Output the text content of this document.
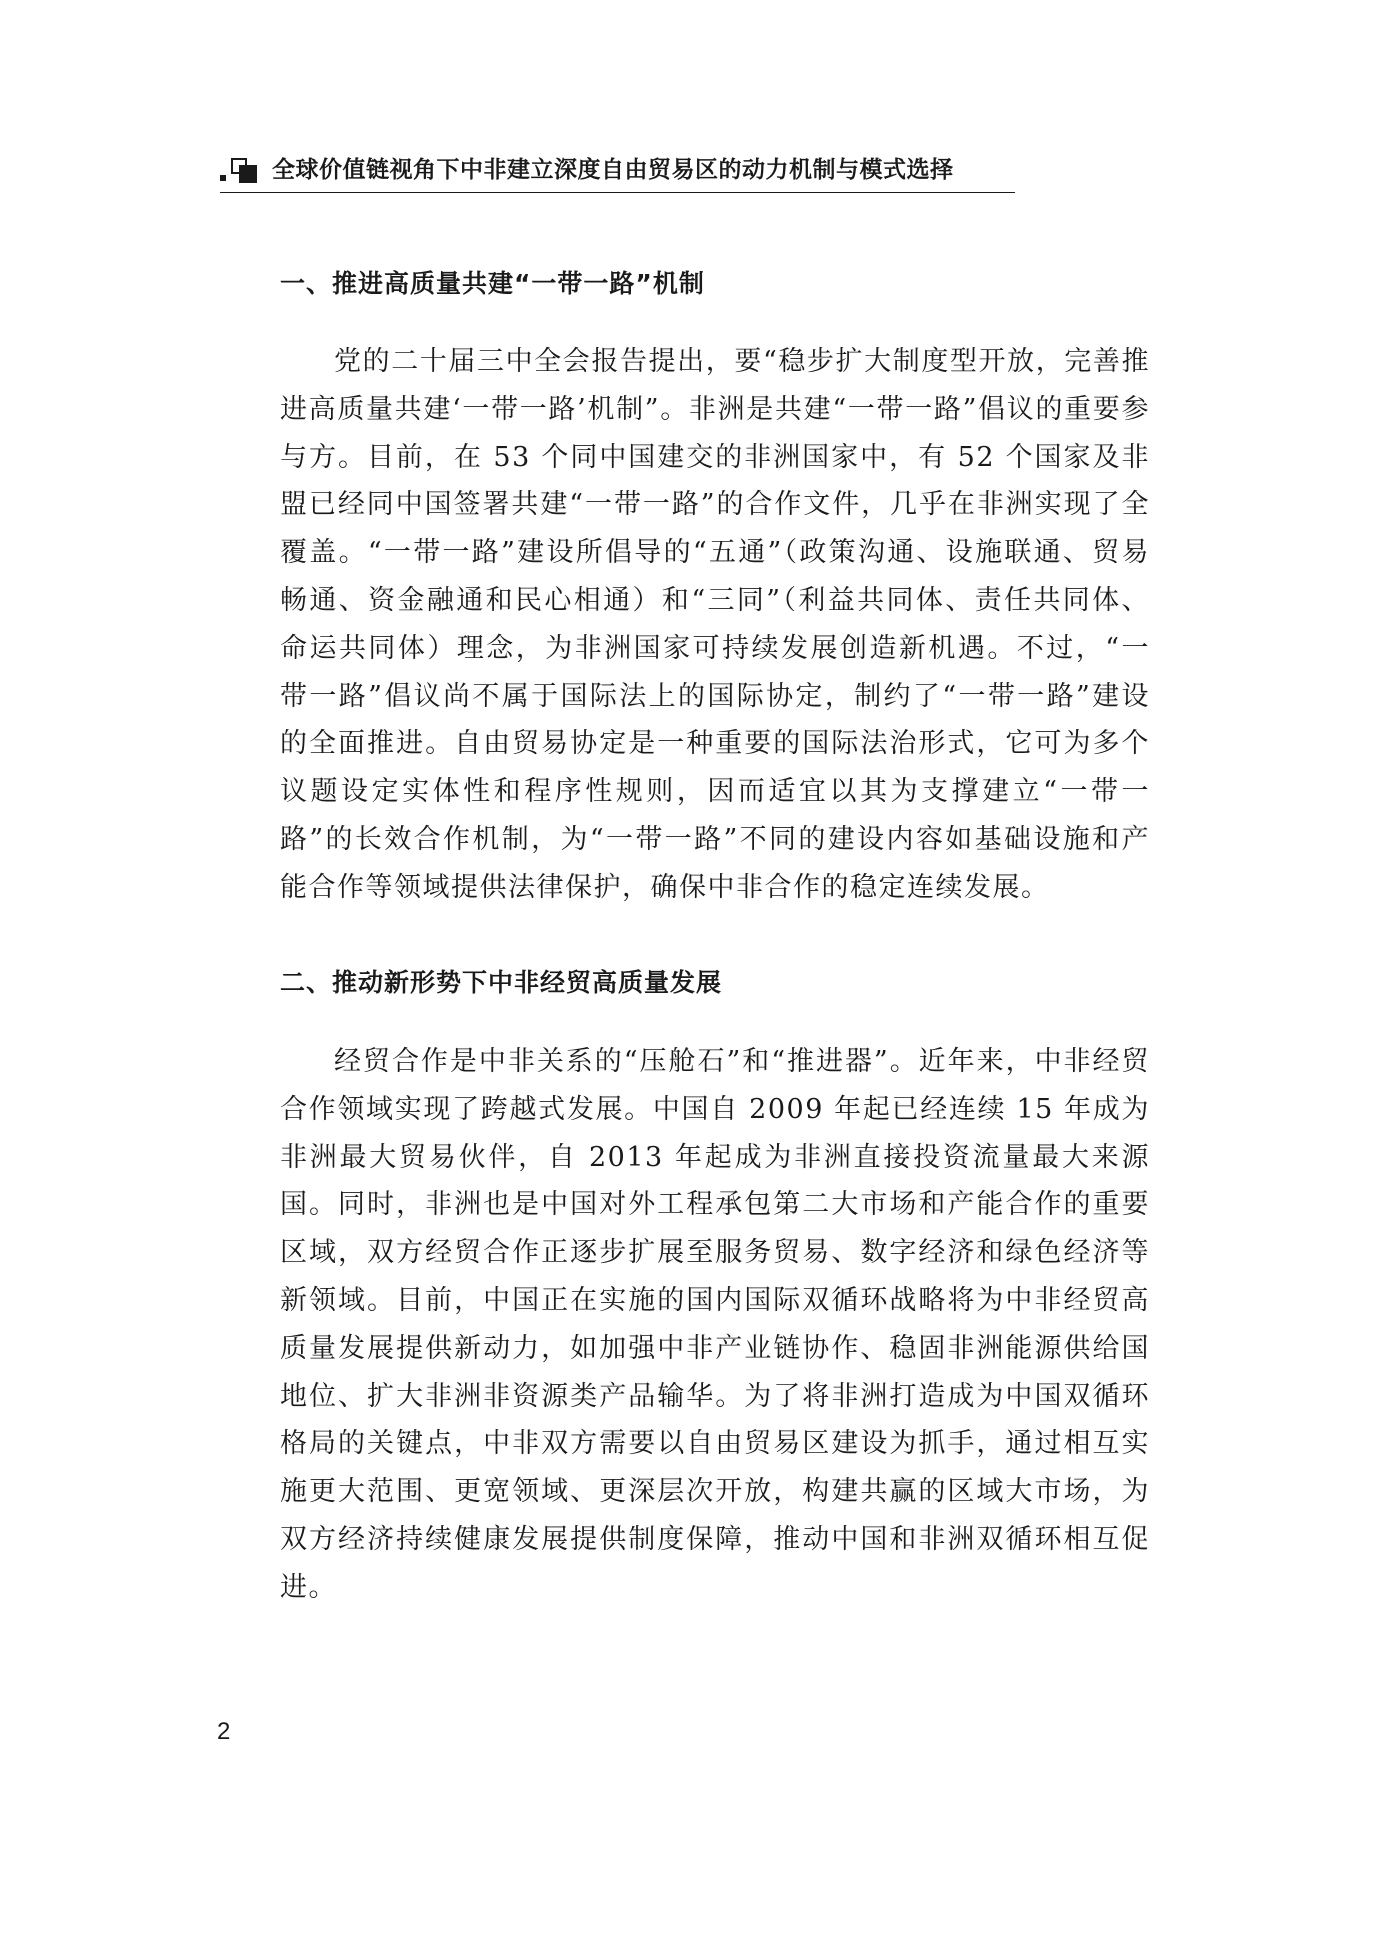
全球价值链视角下中非建立深度自由贸易区的动力机制与模式选择
一、推进高质量共建“一带一路”机制

党的二十届三中全会报告提出，要“稳步扩大制度型开放，完善推进高质量共建‘一带一路’机制”。非洲是共建“一带一路”倡议的重要参与方。目前，在 53 个同中国建交的非洲国家中，有 52 个国家及非盟已经同中国签署共建“一带一路”的合作文件，几乎在非洲实现了全覆盖。“一带一路”建设所倡导的“五通”（政策沟通、设施联通、贸易畅通、资金融通和民心相通）和“三同”（利益共同体、责任共同体、命运共同体）理念，为非洲国家可持续发展创造新机遇。不过，“一带一路”倡议尚不属于国际法上的国际协定，制约了“一带一路”建设的全面推进。自由贸易协定是一种重要的国际法治形式，它可为多个议题设定实体性和程序性规则，因而适宜以其为支撑建立“一带一路”的长效合作机制，为“一带一路”不同的建设内容如基础设施和产能合作等领域提供法律保护，确保中非合作的稳定连续发展。

二、推动新形势下中非经贸高质量发展

经贸合作是中非关系的“压舱石”和“推进器”。近年来，中非经贸合作领域实现了跨越式发展。中国自 2009 年起已经连续 15 年成为非洲最大贸易伙伴，自 2013 年起成为非洲直接投资流量最大来源国。同时，非洲也是中国对外工程承包第二大市场和产能合作的重要区域，双方经贸合作正逐步扩展至服务贸易、数字经济和绿色经济等新领域。目前，中国正在实施的国内国际双循环战略将为中非经贸高质量发展提供新动力，如加强中非产业链协作、稳固非洲能源供给国地位、扩大非洲非资源类产品输华。为了将非洲打造成为中国双循环格局的关键点，中非双方需要以自由贸易区建设为抓手，通过相互实施更大范围、更宽领域、更深层次开放，构建共赢的区域大市场，为双方经济持续健康发展提供制度保障，推动中国和非洲双循环相互促进。

2
